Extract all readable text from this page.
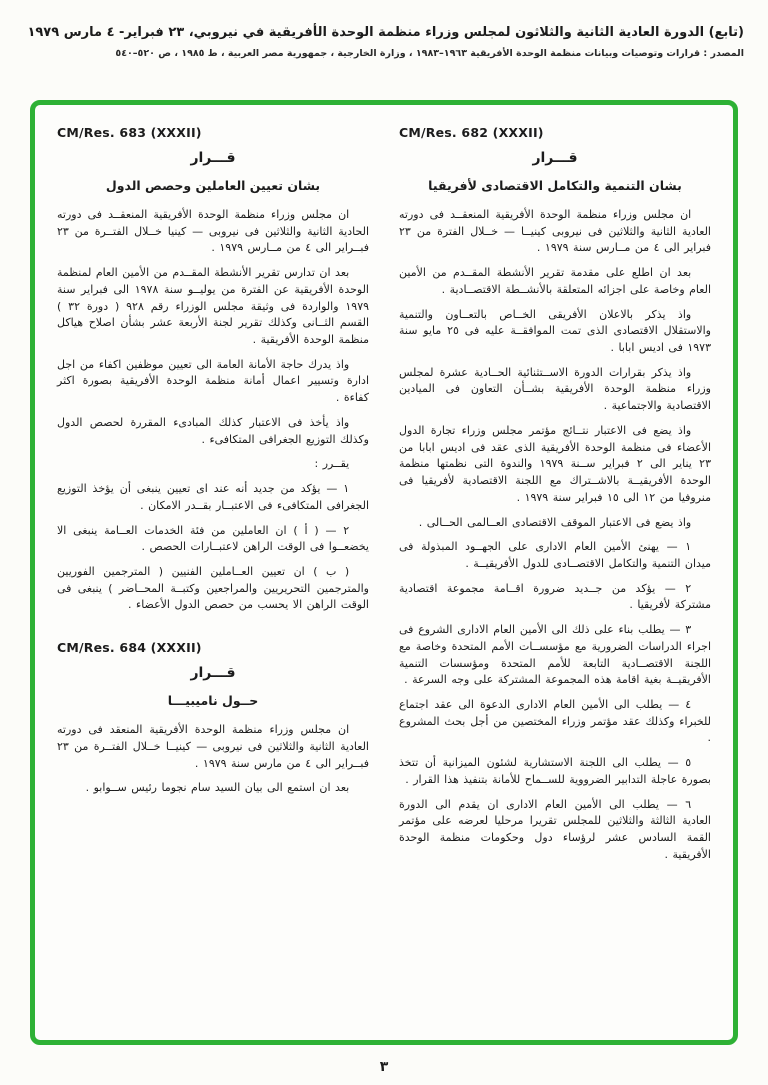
(تابع) الدورة العادية الثانية والثلاثون لمجلس وزراء منظمة الوحدة الأفريقية في نيروبي، ٢٣ فبراير- ٤ مارس ١٩٧٩
المصدر : قرارات وتوصيات وبيانات منظمة الوحدة الأفريقية ١٩٦٣–١٩٨٣ ، وزارة الخارجية ، جمهورية مصر العربية ، ط ١٩٨٥ ، ص ٥٢٠–٥٤٠
CM/Res. 682 (XXXII)
قـــرار
بشان التنمية والتكامل الاقتصادى لأفريقيا

ان مجلس وزراء منظمة الوحدة الأفريقية المنعقــد فى دورته العادية الثانية والثلاثين فى نيروبى كينيــا — خــلال الفترة من ٢٣ فبراير الى ٤ من مــارس سنة ١٩٧٩ .

بعد ان اطلع على مقدمة تقرير الأنشطة المقــدم من الأمين العام وخاصة على اجزائه المتعلقة بالأنشــطة الاقتصــادية .

واذ يذكر بالاعلان الأفريقى الخــاص بالتعــاون والتنمية والاستقلال الاقتصادى الذى تمت الموافقــة عليه فى ٢٥ مايو سنة ١٩٧٣ فى اديس ابابا .

واذ يذكر بقرارات الدورة الاســتثنائية الحــادية عشرة لمجلس وزراء منظمة الوحدة الأفريقية بشــأن التعاون فى الميادين الاقتصادية والاجتماعية .

واذ يضع فى الاعتبار نتــائج مؤتمر مجلس وزراء تجارة الدول الأعضاء فى منظمة الوحدة الأفريقية الذى عقد فى اديس ابابا من ٢٣ يناير الى ٢ فبراير ســنة ١٩٧٩ والندوة التى نظمتها منظمة الوحدة الأفريقيــة بالاشــتراك مع اللجنة الاقتصادية لأفريقيا فى منروفيا من ١٢ الى ١٥ فبراير سنة ١٩٧٩ .

واذ يضع فى الاعتبار الموقف الاقتصادى العــالمى الحــالى .

١ — يهنئ الأمين العام الادارى على الجهــود المبذولة فى ميدان التنمية والتكامل الاقتصــادى للدول الأفريقيــة .

٢ — يؤكد من جــديد ضرورة اقــامة مجموعة اقتصادية مشتركة لأفريقيا .

٣ — يطلب بناء على ذلك الى الأمين العام الادارى الشروع فى اجراء الدراسات الضرورية مع مؤسســات الأمم المتحدة وخاصة مع اللجنة الاقتصــادية التابعة للأمم المتحدة ومؤسسات التنمية الأفريقيــة بغية اقامة هذه المجموعة المشتركة على وجه السرعة .

٤ — يطلب الى الأمين العام الادارى الدعوة الى عقد اجتماع للخبراء وكذلك عقد مؤتمر وزراء المختصين من أجل بحث المشروع .

٥ — يطلب الى اللجنة الاستشارية لشئون الميزانية أن تتخذ بصورة عاجلة التدابير الضرووية للســماح للأمانة بتنفيذ هذا القرار .

٦ — يطلب الى الأمين العام الادارى ان يقدم الى الدورة العادية الثالثة والثلاثين للمجلس تقريرا مرحليا لعرضه على مؤتمر القمة السادس عشر لرؤساء دول وحكومات منظمة الوحدة الأفريقية .

CM/Res. 683 (XXXII)
قـــرار
بشان تعيين العاملين وحصص الدول

ان مجلس وزراء منظمة الوحدة الأفريقية المنعقــد فى دورته الحادية الثانية والثلاثين فى نيروبى — كينيا خــلال الفتــرة من ٢٣ فبــراير الى ٤ من مــارس ١٩٧٩ .

بعد ان تدارس تقرير الأنشطة المقــدم من الأمين العام لمنظمة الوحدة الأفريقية عن الفترة من يوليــو سنة ١٩٧٨ الى فبراير سنة ١٩٧٩ والواردة فى وثيقة مجلس الوزراء رقم ٩٢٨ ( دورة ٣٢ ) القسم الثــانى وكذلك تقرير لجنة الأربعة عشر بشأن اصلاح هياكل منظمة الوحدة الأفريقية .

واذ يدرك حاجة الأمانة العامة الى تعيين موظفين اكفاء من اجل ادارة وتسيير اعمال أمانة منظمة الوحدة الأفريقية بصورة اكثر كفاءة .

واذ يأخذ فى الاعتبار كذلك المبادىء المقررة لحصص الدول وكذلك التوزيع الجغرافى المتكافىء .

يقــرر :

١ — يؤكد من جديد أنه عند اى تعيين ينبغى أن يؤخذ التوزيع الجغرافى المتكافىء فى الاعتبــار بقــدر الامكان .

٢ — ( أ ) ان العاملين من فئة الخدمات العــامة ينبغى الا يخضعــوا فى الوقت الراهن لاعتبــارات الحصص .

( ب ) ان تعيين العــاملين الفنيين ( المترجمين الفوريين والمترجمين التحريريين والمراجعين وكتبــة المحــاضر ) ينبغى فى الوقت الراهن الا يحسب من حصص الدول الأعضاء .

CM/Res. 684 (XXXII)
قـــرار
حــول ناميبيـــا

ان مجلس وزراء منظمة الوحدة الأفريقية المنعقد فى دورته العادية الثانية والثلاثين فى نيروبى — كينيــا خــلال الفتــرة من ٢٣ فبــراير الى ٤ من مارس سنة ١٩٧٩ .

بعد ان استمع الى بيان السيد سام نجوما رئيس ســوابو .

٣
